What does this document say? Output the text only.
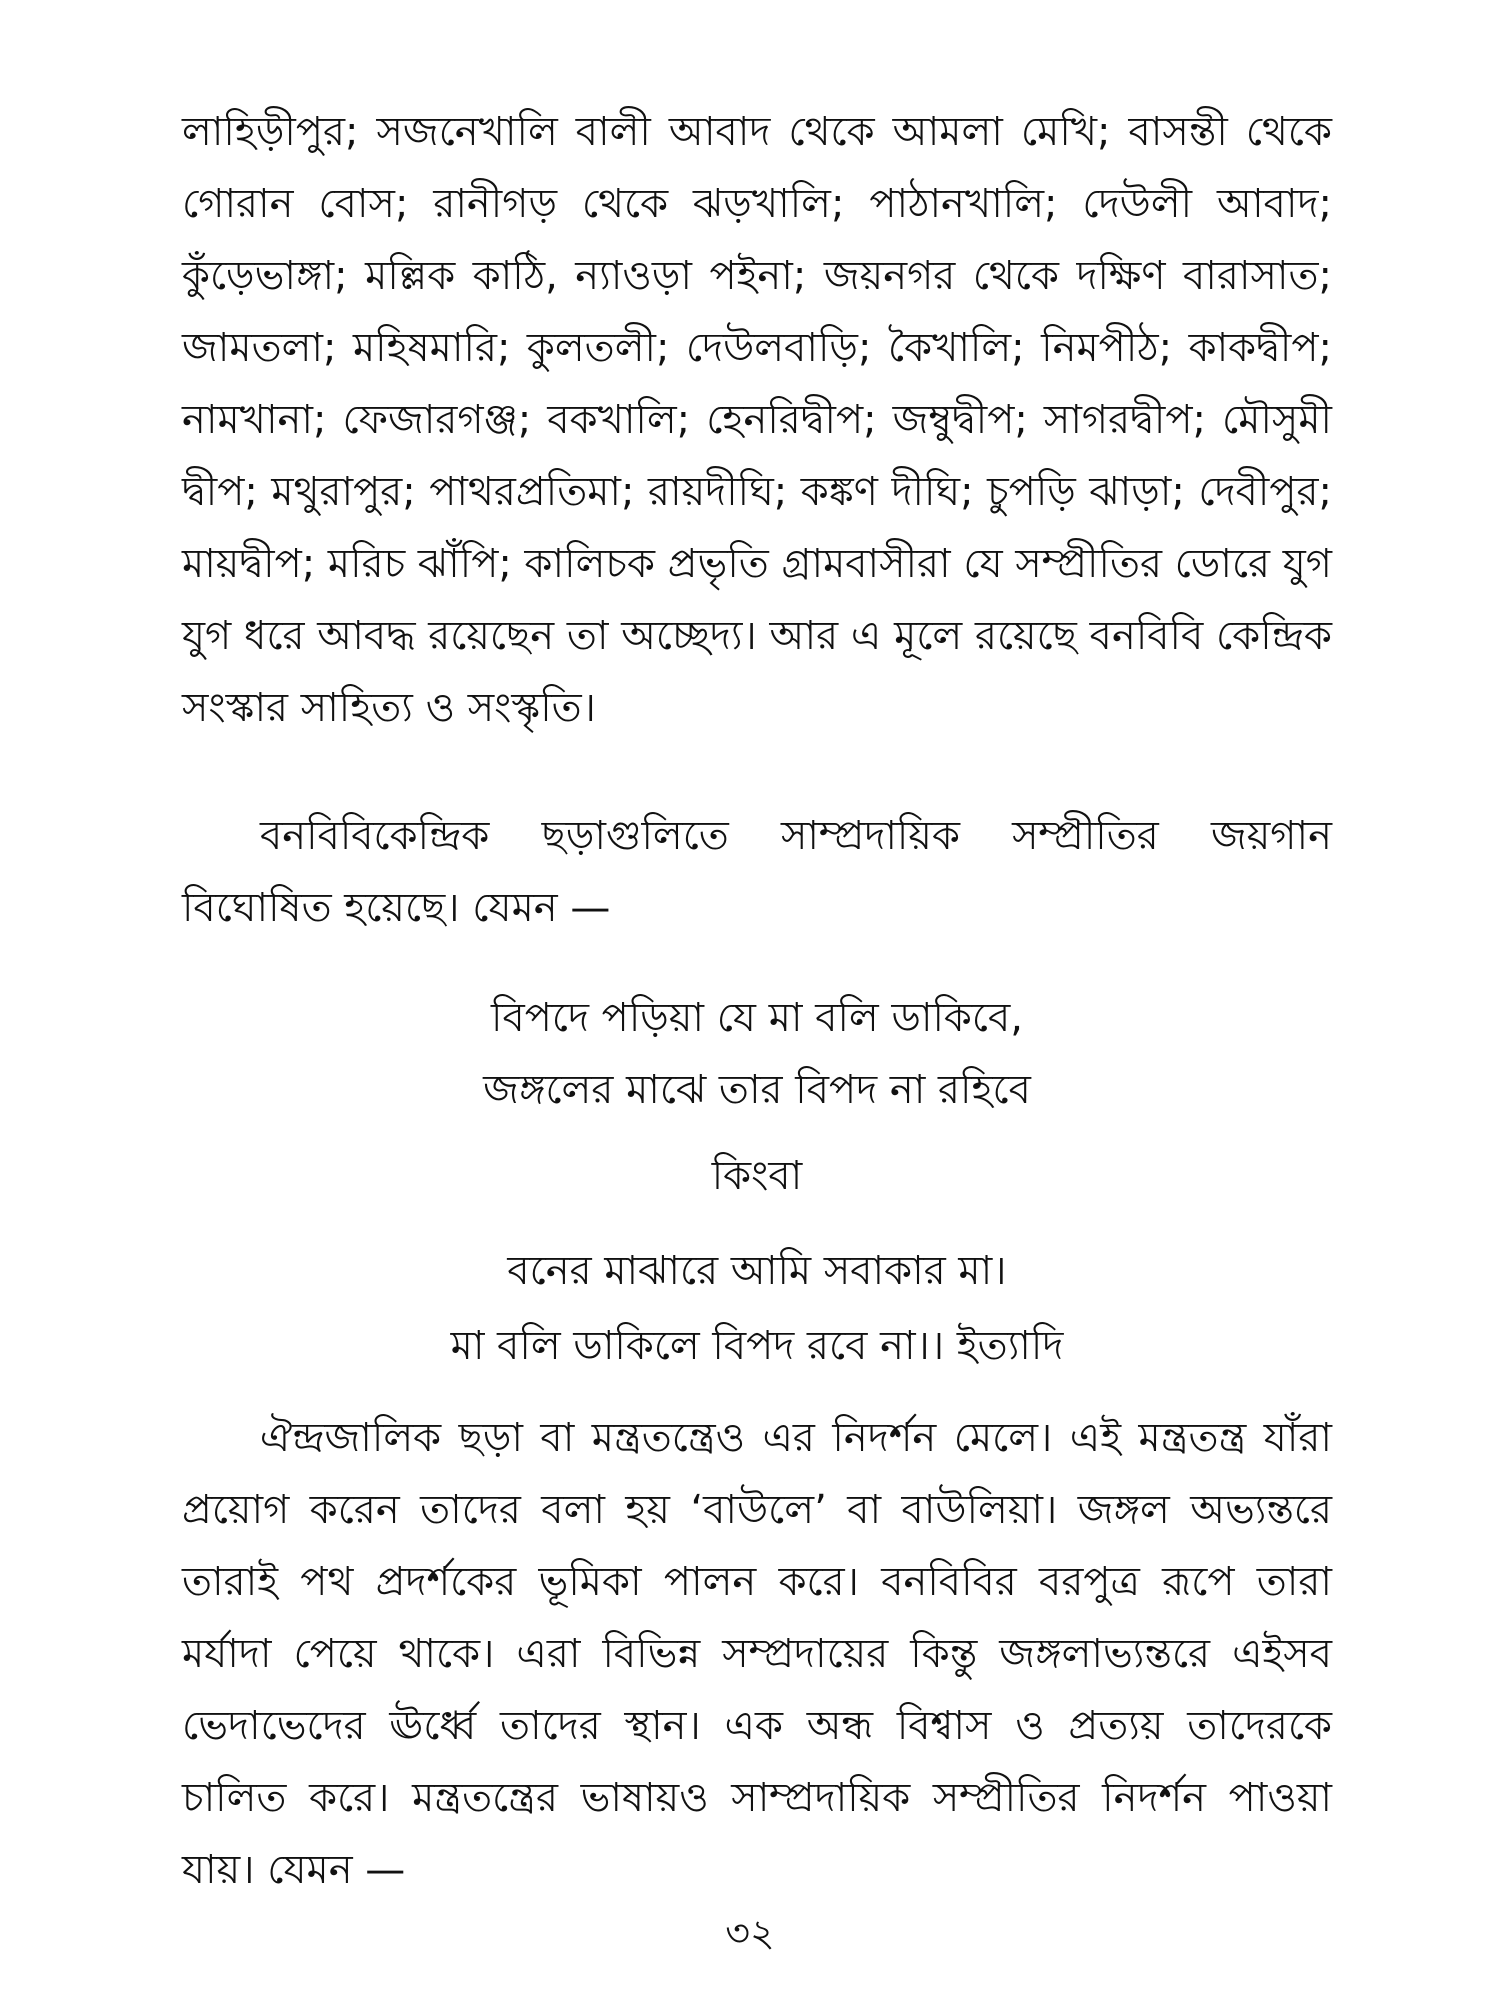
লাহিড়ীপুর; সজনেখালি বালী আবাদ থেকে আমলা মেখি; বাসন্তী থেকে গোরান বোস; রানীগড় থেকে ঝড়খালি; পাঠানখালি; দেউলী আবাদ; কুঁড়েভাঙ্গা; মল্লিক কাঠি, ন্যাওড়া পইনা; জয়নগর থেকে দক্ষিণ বারাসাত; জামতলা; মহিষমারি; কুলতলী; দেউলবাড়ি; কৈখালি; নিমপীঠ; কাকদ্বীপ; নামখানা; ফেজারগঞ্জ; বকখালি; হেনরিদ্বীপ; জম্বুদ্বীপ; সাগরদ্বীপ; মৌসুমী দ্বীপ; মথুরাপুর; পাথরপ্রতিমা; রায়দীঘি; কঙ্কণ দীঘি; চুপড়ি ঝাড়া; দেবীপুর; মায়দ্বীপ; মরিচ ঝাঁপি; কালিচক প্রভৃতি গ্রামবাসীরা যে সম্প্রীতির ডোরে যুগ যুগ ধরে আবদ্ধ রয়েছেন তা অচ্ছেদ্য। আর এ মূলে রয়েছে বনবিবি কেন্দ্রিক সংস্কার সাহিত্য ও সংস্কৃতি।

বনবিবিকেন্দ্রিক ছড়াগুলিতে সাম্প্রদায়িক সম্প্রীতির জয়গান বিঘোষিত হয়েছে। যেমন —

বিপদে পড়িয়া যে মা বলি ডাকিবে,

জঙ্গলের মাঝে তার বিপদ না রহিবে

কিংবা

বনের মাঝারে আমি সবাকার মা।

মা বলি ডাকিলে বিপদ রবে না।। ইত্যাদি

ঐন্দ্রজালিক ছড়া বা মন্ত্রতন্ত্রেও এর নিদর্শন মেলে। এই মন্ত্রতন্ত্র যাঁরা প্রয়োগ করেন তাদের বলা হয় ‘বাউলে’ বা বাউলিয়া। জঙ্গল অভ্যন্তরে তারাই পথ প্রদর্শকের ভূমিকা পালন করে। বনবিবির বরপুত্র রূপে তারা মর্যাদা পেয়ে থাকে। এরা বিভিন্ন সম্প্রদায়ের কিন্তু জঙ্গলাভ্যন্তরে এইসব ভেদাভেদের ঊর্ধ্বে তাদের স্থান। এক অন্ধ বিশ্বাস ও প্রত্যয় তাদেরকে চালিত করে। মন্ত্রতন্ত্রের ভাষায়ও সাম্প্রদায়িক সম্প্রীতির নিদর্শন পাওয়া যায়। যেমন —

৩২
